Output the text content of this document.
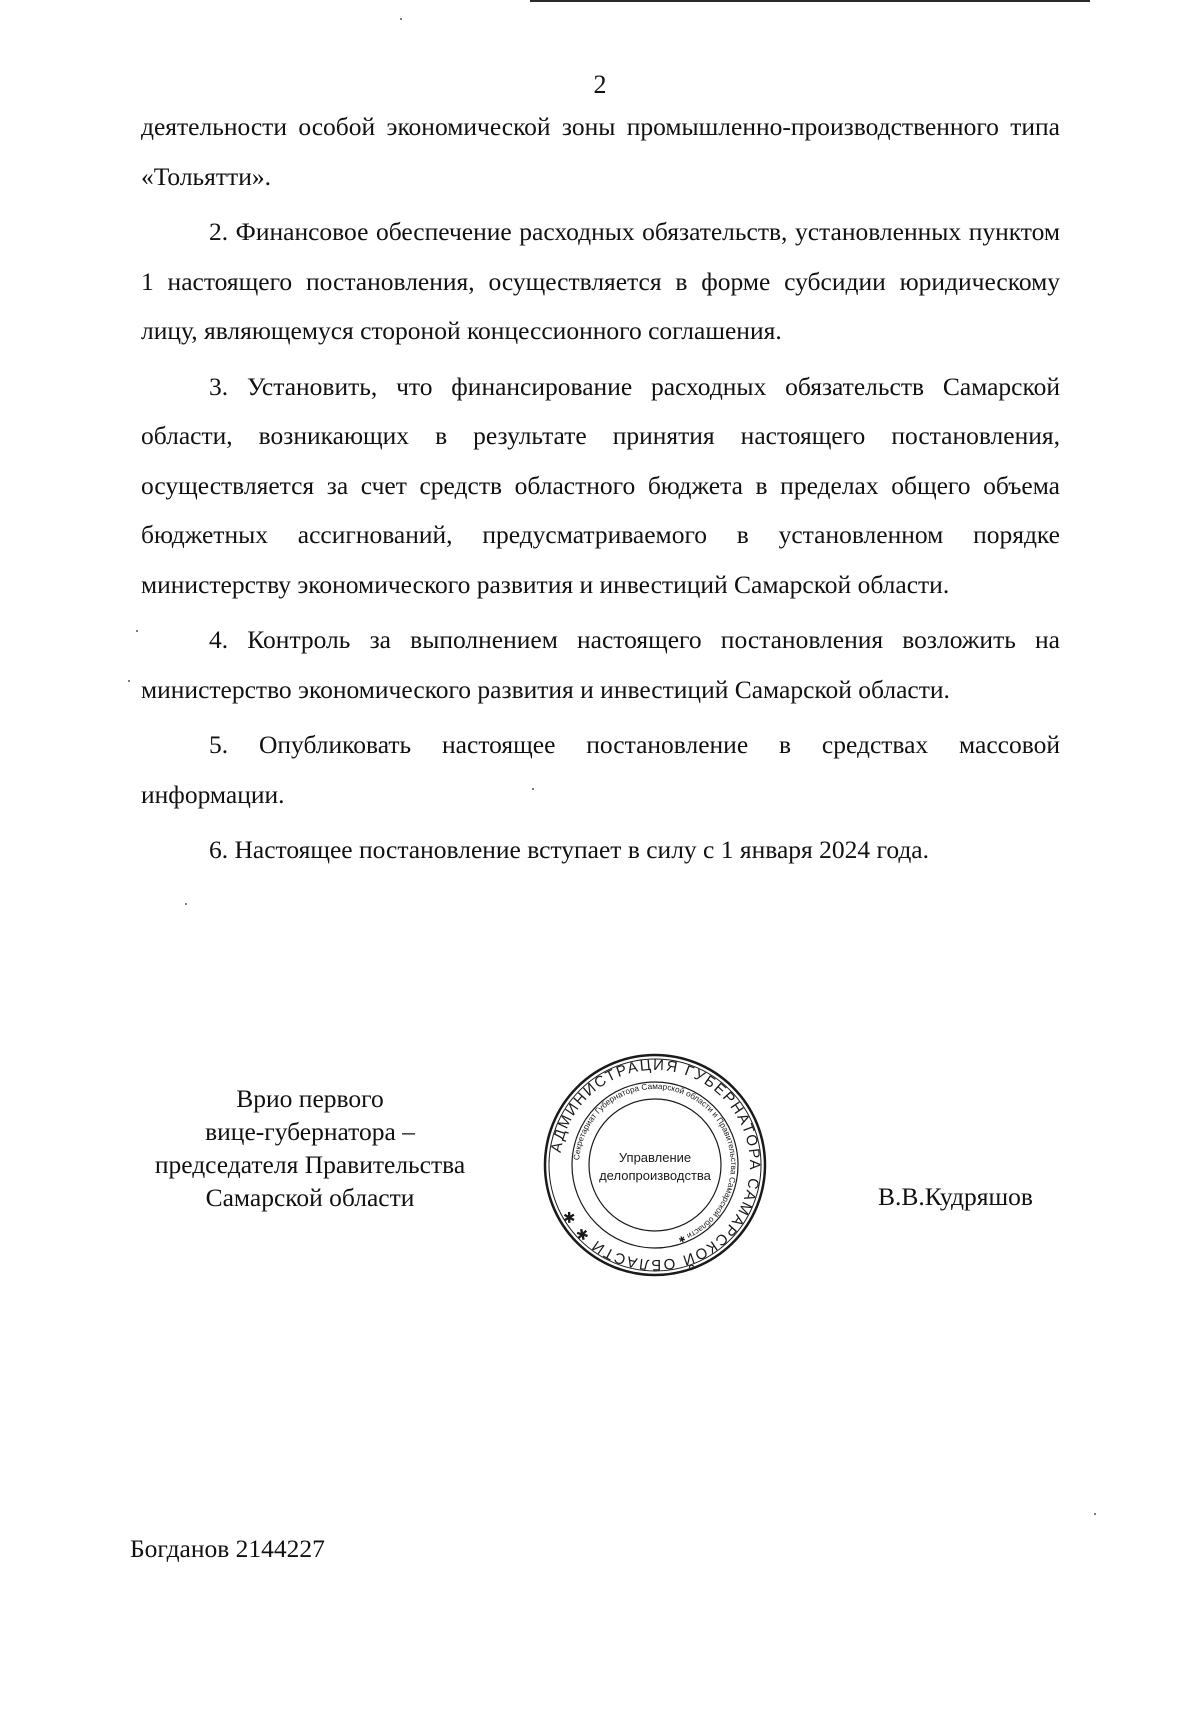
2

деятельности особой экономической зоны промышленно-производственного типа «Тольятти».

2. Финансовое обеспечение расходных обязательств, установленных пунктом 1 настоящего постановления, осуществляется в форме субсидии юридическому лицу, являющемуся стороной концессионного соглашения.

3. Установить, что финансирование расходных обязательств Самарской области, возникающих в результате принятия настоящего постановления, осуществляется за счет средств областного бюджета в пределах общего объема бюджетных ассигнований, предусматриваемого в установленном порядке министерству экономического развития и инвестиций Самарской области.

4. Контроль за выполнением настоящего постановления возложить на министерство экономического развития и инвестиций Самарской области.

5. Опубликовать настоящее постановление в средствах массовой информации.

6. Настоящее постановление вступает в силу с 1 января 2024 года.

Врио первого
вице-губернатора –
председателя Правительства
Самарской области
АДМИНИСТРАЦИЯ ГУБЕРНАТОРА САМАРСКОЙ ОБЛАСТИ ✱ ✱
Секретариат Губернатора Самарской области и Правительства Самарской области ✱
Управление
делопроизводства
В.В.Кудряшов
Богданов 2144227
